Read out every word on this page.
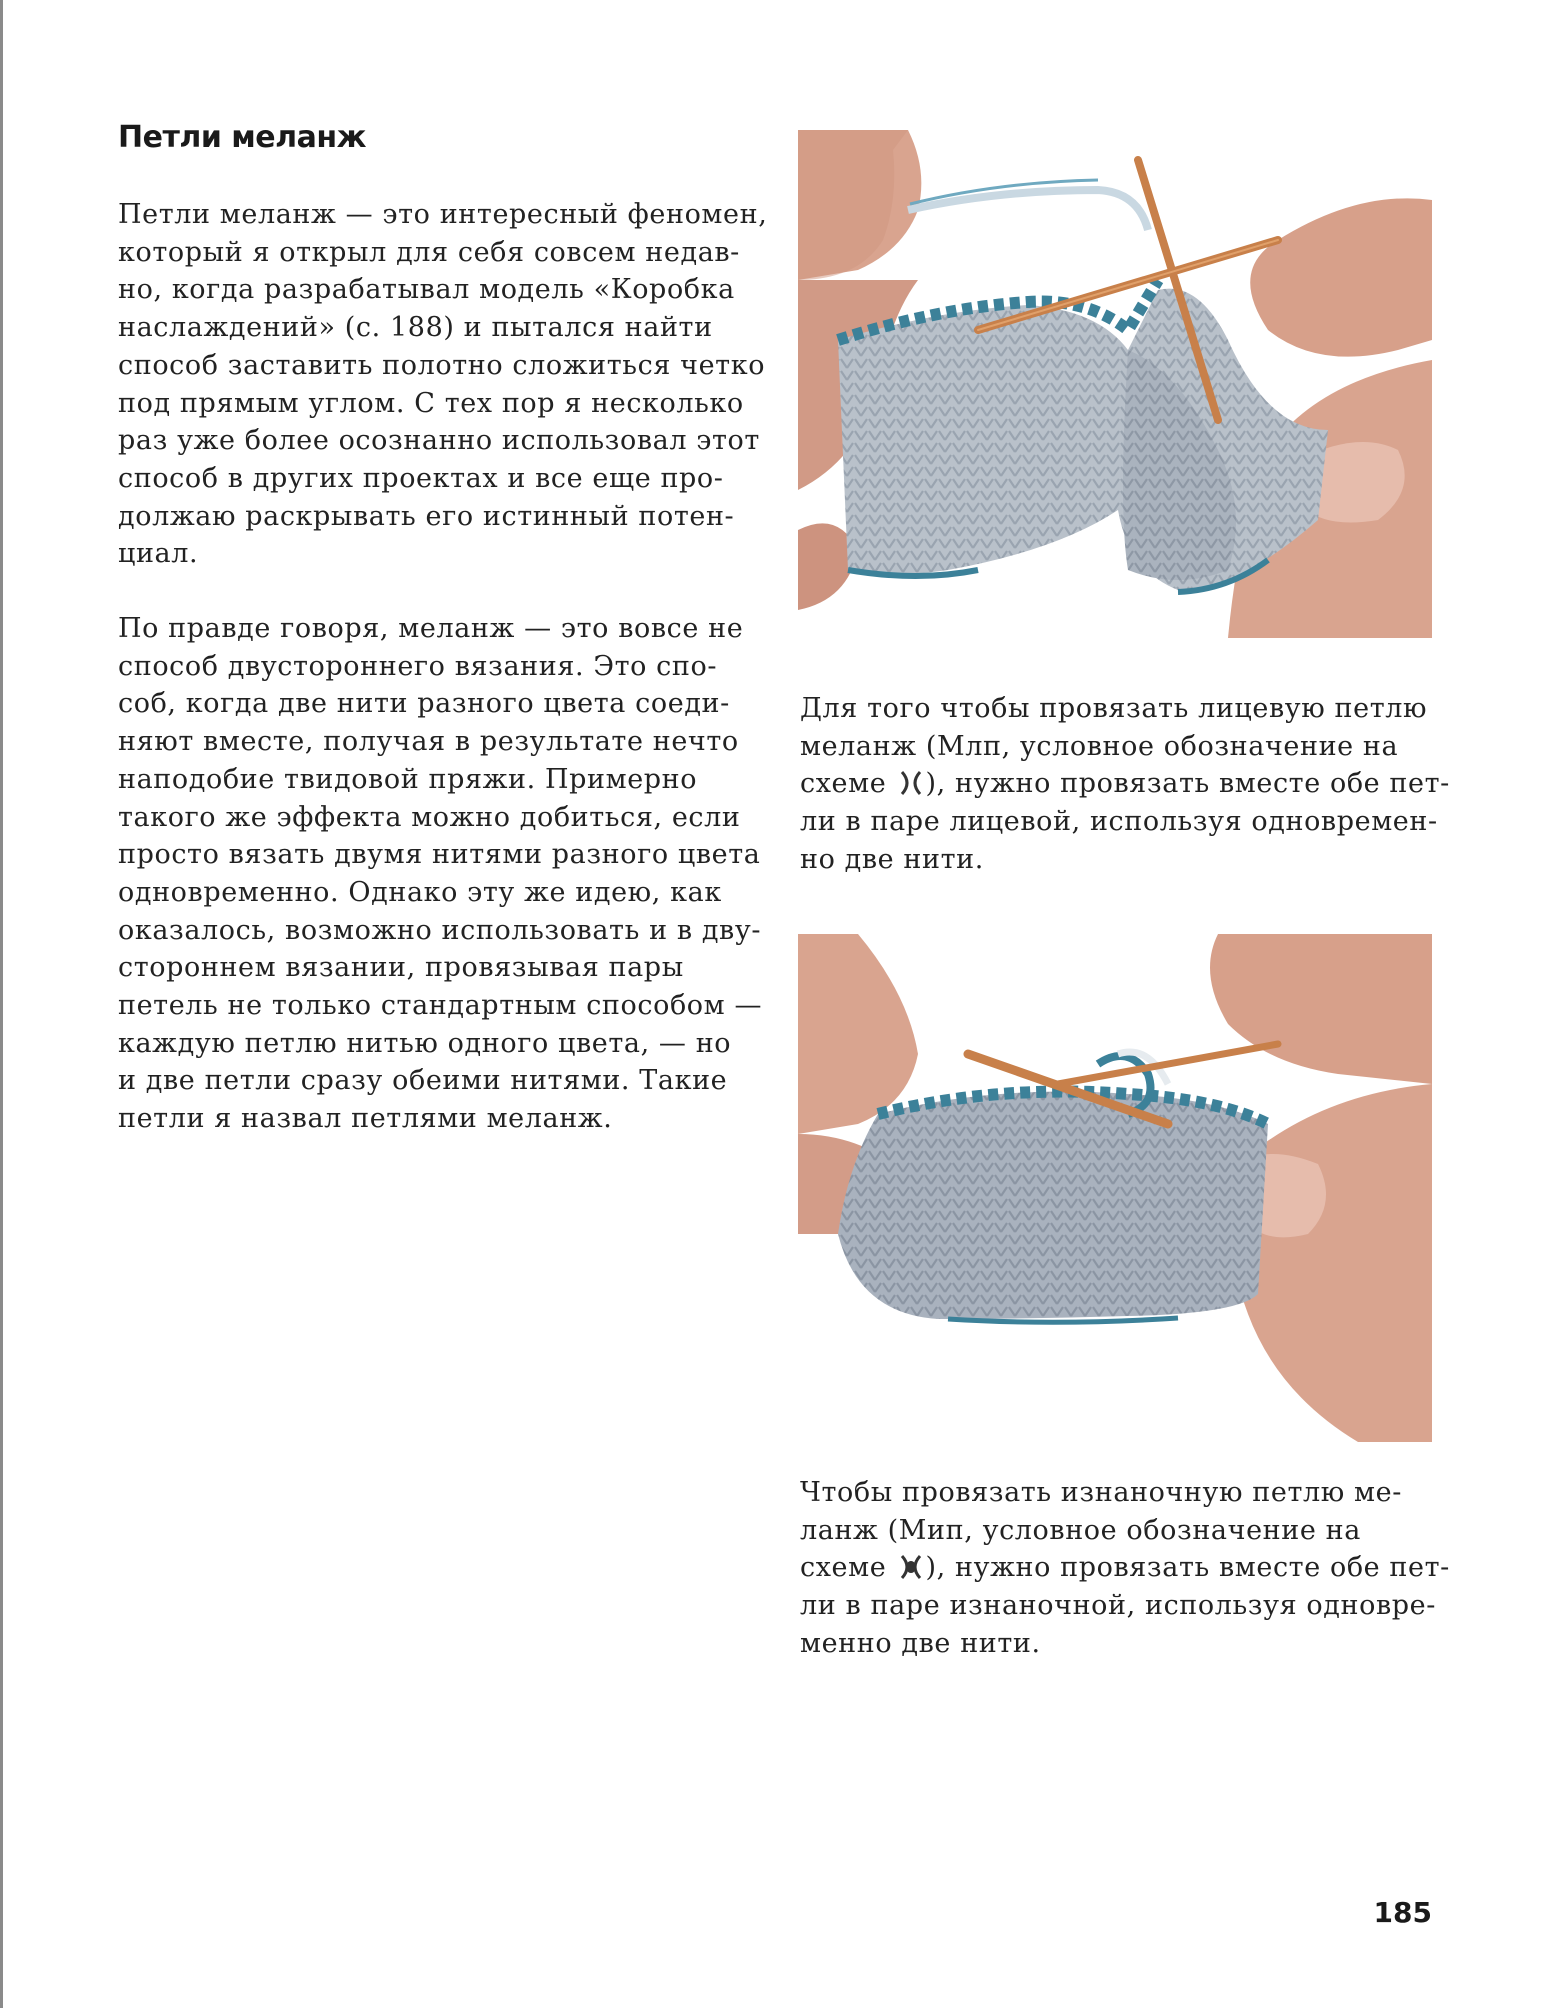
Петли меланж

Петли меланж — это интересный феномен,
который я открыл для себя совсем недав-
но, когда разрабатывал модель «Коробка
наслаждений» (с. 188) и пытался найти
способ заставить полотно сложиться четко
под прямым углом. С тех пор я несколько
раз уже более осознанно использовал этот
способ в других проектах и все еще про-
должаю раскрывать его истинный потен-
циал.

По правде говоря, меланж — это вовсе не
способ двустороннего вязания. Это спо-
соб, когда две нити разного цвета соеди-
няют вместе, получая в результате нечто
наподобие твидовой пряжи. Примерно
такого же эффекта можно добиться, если
просто вязать двумя нитями разного цвета
одновременно. Однако эту же идею, как
оказалось, возможно использовать и в дву-
стороннем вязании, провязывая пары
петель не только стандартным способом —
каждую петлю нитью одного цвета, — но
и две петли сразу обеими нитями. Такие
петли я назвал петлями меланж.

Для того чтобы провязать лицевую петлю
меланж (Млп, условное обозначение на
схеме ), нужно провязать вместе обе пет-
ли в паре лицевой, используя одновремен-
но две нити.

Чтобы провязать изнаночную петлю ме-
ланж (Мип, условное обозначение на
схеме ), нужно провязать вместе обе пет-
ли в паре изнаночной, используя одновре-
менно две нити.

185
